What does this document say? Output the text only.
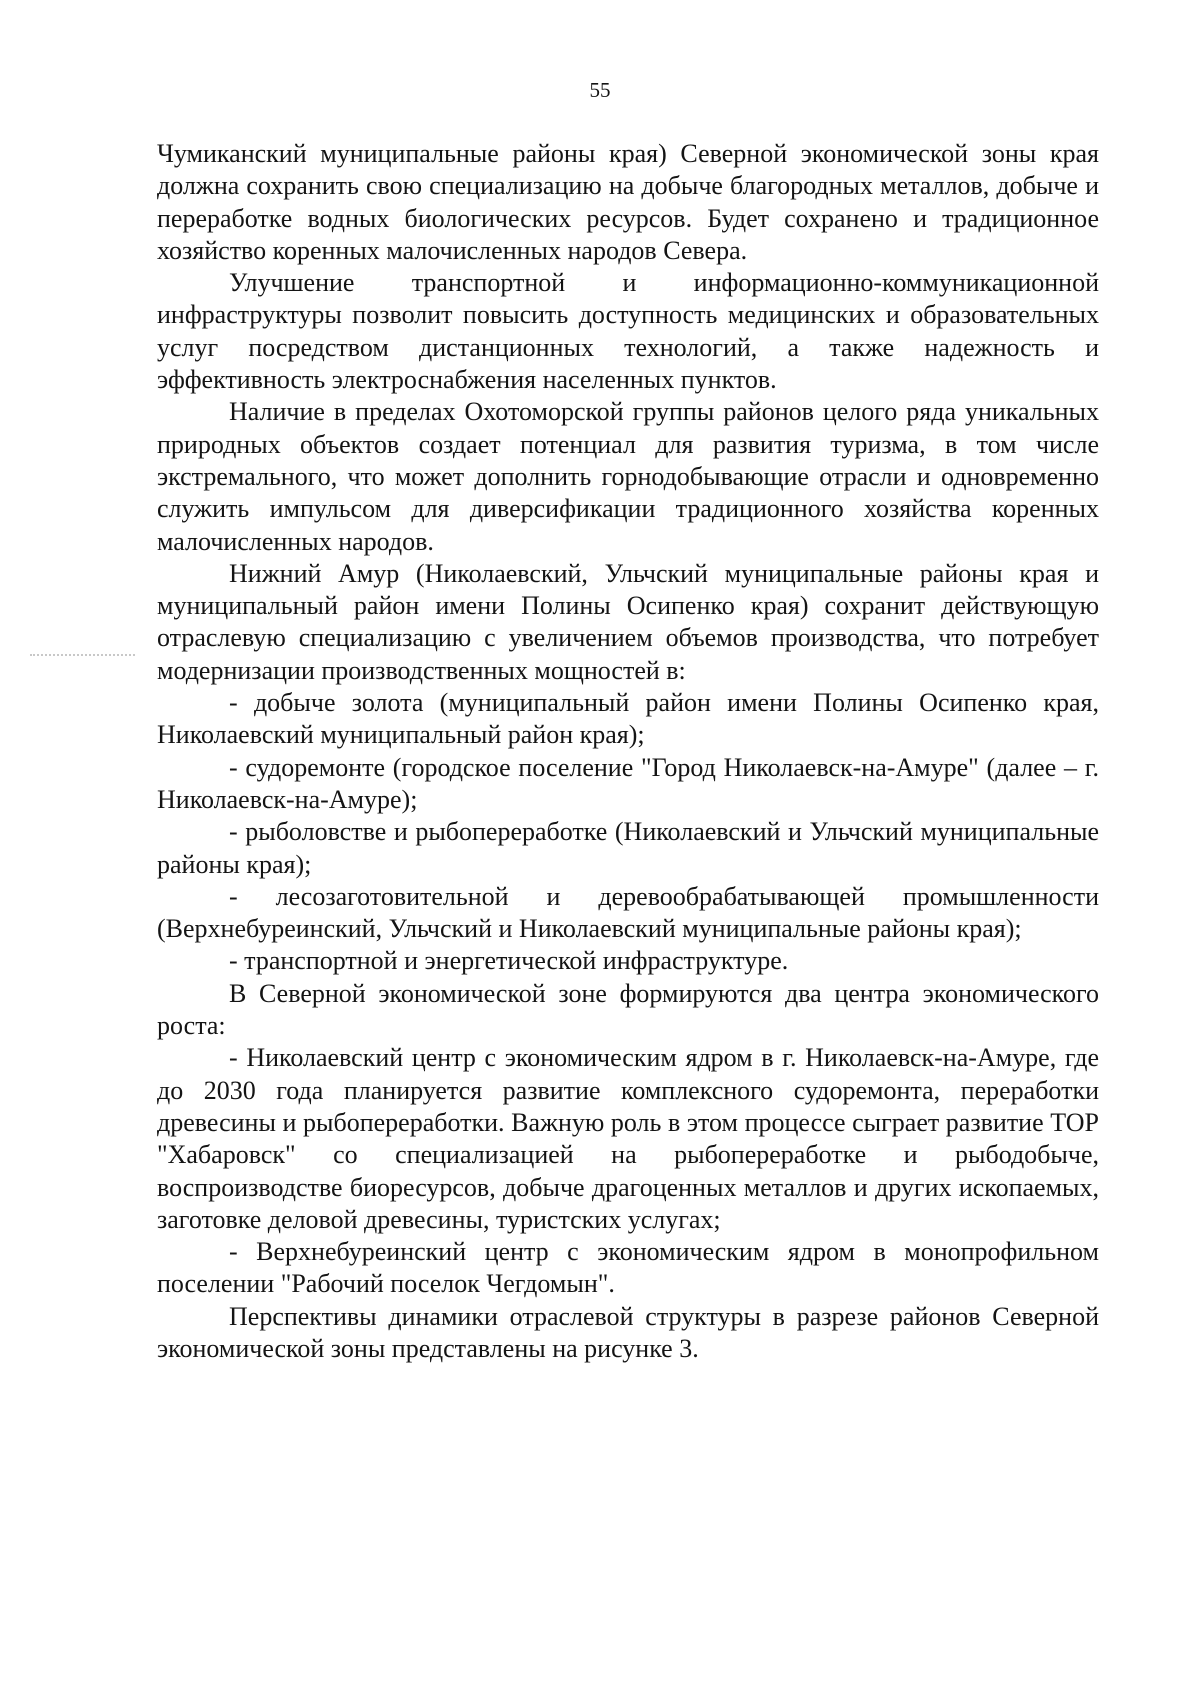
55

Чумиканский муниципальные районы края) Северной экономической зоны края должна сохранить свою специализацию на добыче благородных металлов, добыче и переработке водных биологических ресурсов. Будет сохранено и традиционное хозяйство коренных малочисленных народов Севера.

Улучшение транспортной и информационно-коммуникационной инфраструктуры позволит повысить доступность медицинских и образовательных услуг посредством дистанционных технологий, а также надежность и эффективность электроснабжения населенных пунктов.

Наличие в пределах Охотоморской группы районов целого ряда уникальных природных объектов создает потенциал для развития туризма, в том числе экстремального, что может дополнить горнодобывающие отрасли и одновременно служить импульсом для диверсификации традиционного хозяйства коренных малочисленных народов.

Нижний Амур (Николаевский, Ульчский муниципальные районы края и муниципальный район имени Полины Осипенко края) сохранит действующую отраслевую специализацию с увеличением объемов производства, что потребует модернизации производственных мощностей в:

- добыче золота (муниципальный район имени Полины Осипенко края, Николаевский муниципальный район края);

- судоремонте (городское поселение "Город Николаевск-на-Амуре" (далее – г. Николаевск-на-Амуре);

- рыболовстве и рыбопереработке (Николаевский и Ульчский муниципальные районы края);

- лесозаготовительной и деревообрабатывающей промышленности (Верхнебуреинский, Ульчский и Николаевский муниципальные районы края);

- транспортной и энергетической инфраструктуре.

В Северной экономической зоне формируются два центра экономического роста:

- Николаевский центр с экономическим ядром в г. Николаевск-на-Амуре, где до 2030 года планируется развитие комплексного судоремонта, переработки древесины и рыбопереработки. Важную роль в этом процессе сыграет развитие ТОР "Хабаровск" со специализацией на рыбопереработке и рыбодобыче, воспроизводстве биоресурсов, добыче драгоценных металлов и других ископаемых, заготовке деловой древесины, туристских услугах;

- Верхнебуреинский центр с экономическим ядром в монопрофильном поселении "Рабочий поселок Чегдомын".

Перспективы динамики отраслевой структуры в разрезе районов Северной экономической зоны представлены на рисунке 3.
